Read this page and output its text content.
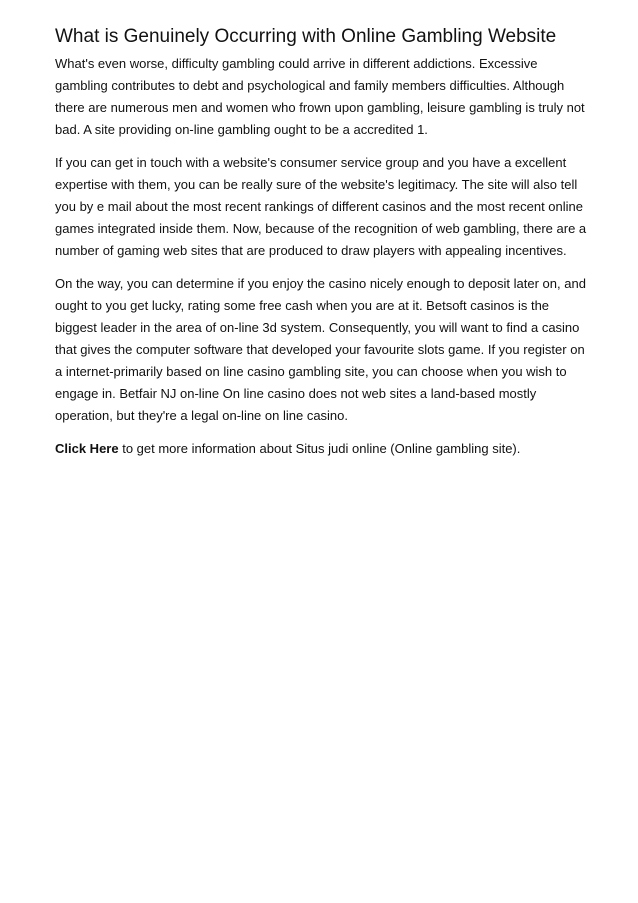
What is Genuinely Occurring with Online Gambling Website

What's even worse, difficulty gambling could arrive in different addictions. Excessive
gambling contributes to debt and psychological and family members difficulties. Although
there are numerous men and women who frown upon gambling, leisure gambling is truly not
bad. A site providing on-line gambling ought to be a accredited 1.

If you can get in touch with a website's consumer service group and you have a excellent
expertise with them, you can be really sure of the website's legitimacy. The site will also tell
you by e mail about the most recent rankings of different casinos and the most recent online
games integrated inside them. Now, because of the recognition of web gambling, there are a
number of gaming web sites that are produced to draw players with appealing incentives.

On the way, you can determine if you enjoy the casino nicely enough to deposit later on, and
ought to you get lucky, rating some free cash when you are at it. Betsoft casinos is the
biggest leader in the area of on-line 3d system. Consequently, you will want to find a casino
that gives the computer software that developed your favourite slots game. If you register on
a internet-primarily based on line casino gambling site, you can choose when you wish to
engage in. Betfair NJ on-line On line casino does not web sites a land-based mostly
operation, but they're a legal on-line on line casino.

Click Here to get more information about Situs judi online (Online gambling site).
